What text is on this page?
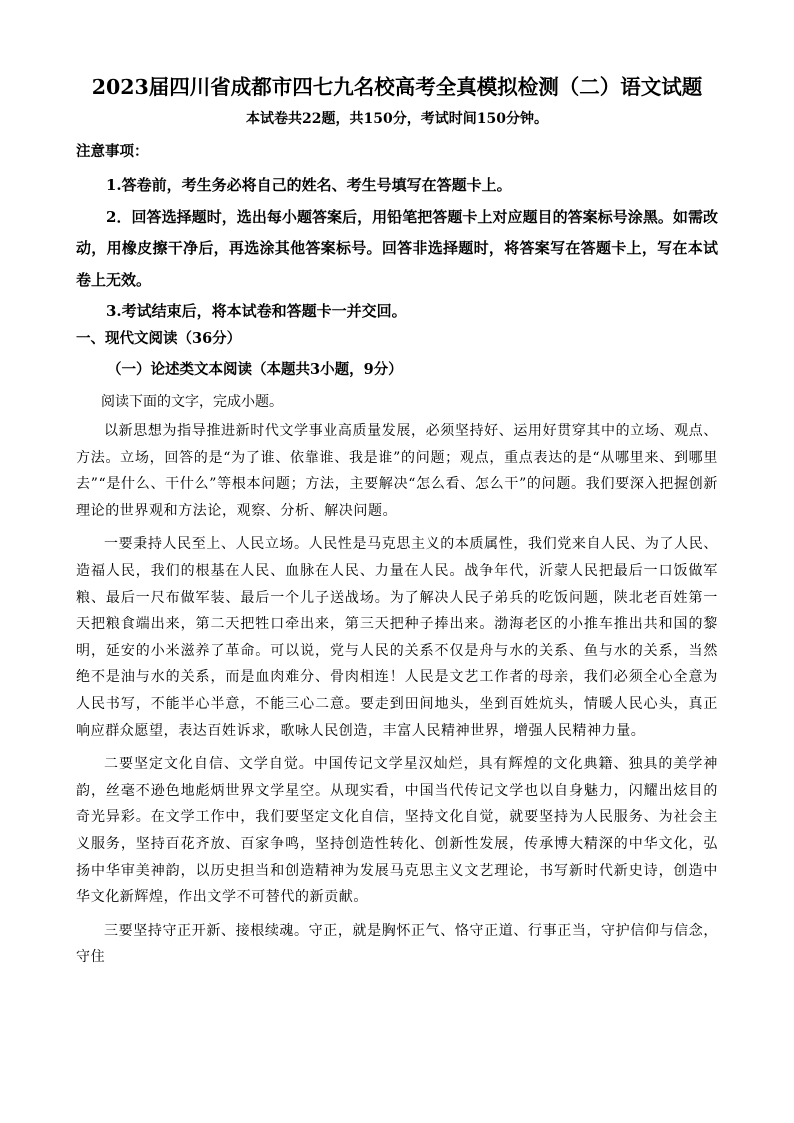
2023届四川省成都市四七九名校高考全真模拟检测（二）语文试题
本试卷共22题，共150分，考试时间150分钟。
注意事项：

1.答卷前，考生务必将自己的姓名、考生号填写在答题卡上。

2．回答选择题时，选出每小题答案后，用铅笔把答题卡上对应题目的答案标号涂黑。如需改动，用橡皮擦干净后，再选涂其他答案标号。回答非选择题时，将答案写在答题卡上，写在本试卷上无效。

3.考试结束后，将本试卷和答题卡一并交回。

一、现代文阅读（36分）
（一）论述类文本阅读（本题共3小题，9分）
阅读下面的文字，完成小题。

以新思想为指导推进新时代文学事业高质量发展，必须坚持好、运用好贯穿其中的立场、观点、方法。立场，回答的是“为了谁、依靠谁、我是谁”的问题；观点，重点表达的是“从哪里来、到哪里去”“是什么、干什么”等根本问题；方法，主要解决“怎么看、怎么干”的问题。我们要深入把握创新理论的世界观和方法论，观察、分析、解决问题。

一要秉持人民至上、人民立场。人民性是马克思主义的本质属性，我们党来自人民、为了人民、造福人民，我们的根基在人民、血脉在人民、力量在人民。战争年代，沂蒙人民把最后一口饭做军粮、最后一尺布做军装、最后一个儿子送战场。为了解决人民子弟兵的吃饭问题，陕北老百姓第一天把粮食端出来，第二天把牲口牵出来，第三天把种子捧出来。渤海老区的小推车推出共和国的黎明，延安的小米滋养了革命。可以说，党与人民的关系不仅是舟与水的关系、鱼与水的关系，当然绝不是油与水的关系，而是血肉难分、骨肉相连！人民是文艺工作者的母亲，我们必须全心全意为人民书写，不能半心半意，不能三心二意。要走到田间地头，坐到百姓炕头，情暖人民心头，真正响应群众愿望，表达百姓诉求，歌咏人民创造，丰富人民精神世界，增强人民精神力量。

二要坚定文化自信、文学自觉。中国传记文学星汉灿烂，具有辉煌的文化典籍、独具的美学神韵，丝毫不逊色地彪炳世界文学星空。从现实看，中国当代传记文学也以自身魅力，闪耀出炫目的奇光异彩。在文学工作中，我们要坚定文化自信，坚持文化自觉，就要坚持为人民服务、为社会主义服务，坚持百花齐放、百家争鸣，坚持创造性转化、创新性发展，传承博大精深的中华文化，弘扬中华审美神韵，以历史担当和创造精神为发展马克思主义文艺理论，书写新时代新史诗，创造中华文化新辉煌，作出文学不可替代的新贡献。

三要坚持守正开新、接根续魂。守正，就是胸怀正气、恪守正道、行事正当，守护信仰与信念，守住
